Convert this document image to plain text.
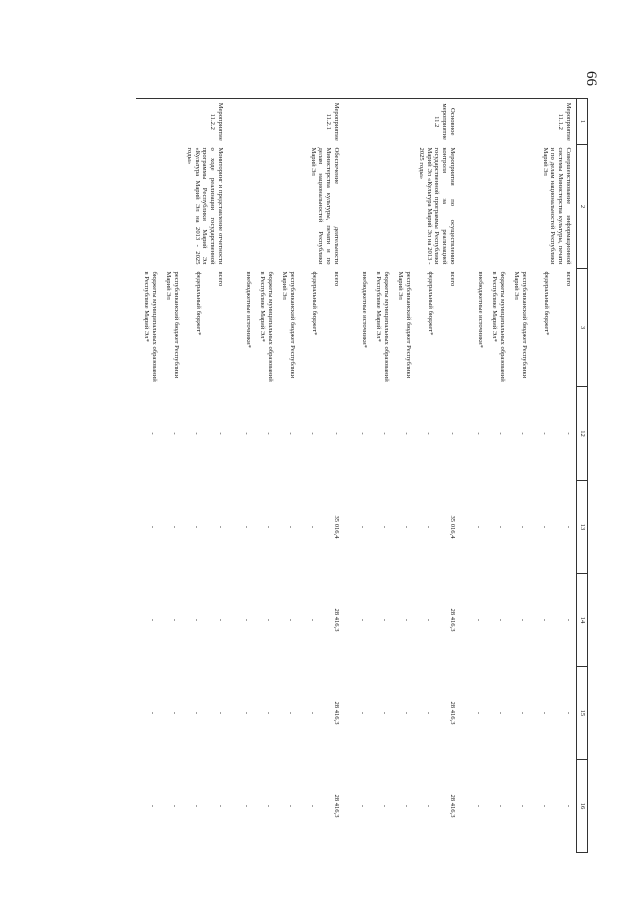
66
1	2	3	12	13	14	15	16
Мероприятие 11.1.2	Совершенствование информационной системы Министерства культуры, печати и по делам национальностей Республики Марий Эл	всего	-	-	-	-	-
		федеральный бюджет*	-	-	-	-	-
		республиканский бюджет Республики Марий Эл	-	-	-	-	-
		бюджеты муниципальных образований в Республике Марий Эл*	-	-	-	-	-
		внебюджетные источники*	-	-	-	-	-
Основное мероприятие 11.2	Мероприятия по осуществлению контроля за реализацией государственной программы Республики Марий Эл «Культура Марий Эл на 2013 - 2025 годы»	всего	-	35 016,4	28 416,3	28 416,3	28 416,3
		федеральный бюджет*	-	-	-	-	-
		республиканский бюджет Республики Марий Эл	-	-	-	-	-
		бюджеты муниципальных образований в Республике Марий Эл*	-	-	-	-	-
		внебюджетные источники*	-	-	-	-	-
Мероприятие 11.2.1	Обеспечение деятельности Министерства культуры, печати и по делам национальностей Республики Марий Эл	всего	-	35 016,4	28 416,3	28 416,3	28 416,3
		федеральный бюджет*	-	-	-	-	-
		республиканский бюджет Республики Марий Эл	-	-	-	-	-
		бюджеты муниципальных образований в Республике Марий Эл*	-	-	-	-	-
		внебюджетные источники*	-	-	-	-	-
Мероприятие 11.2.2	Мониторинг и представление отчетности о ходе реализации государственной программы Республики Марий Эл «Культура Марий Эл на 2013 - 2025 годы»	всего	-	-	-	-	-
		федеральный бюджет*	-	-	-	-	-
		республиканский бюджет Республики Марий Эл	-	-	-	-	-
		бюджеты муниципальных образований в Республике Марий Эл*	-	-	-	-	-
